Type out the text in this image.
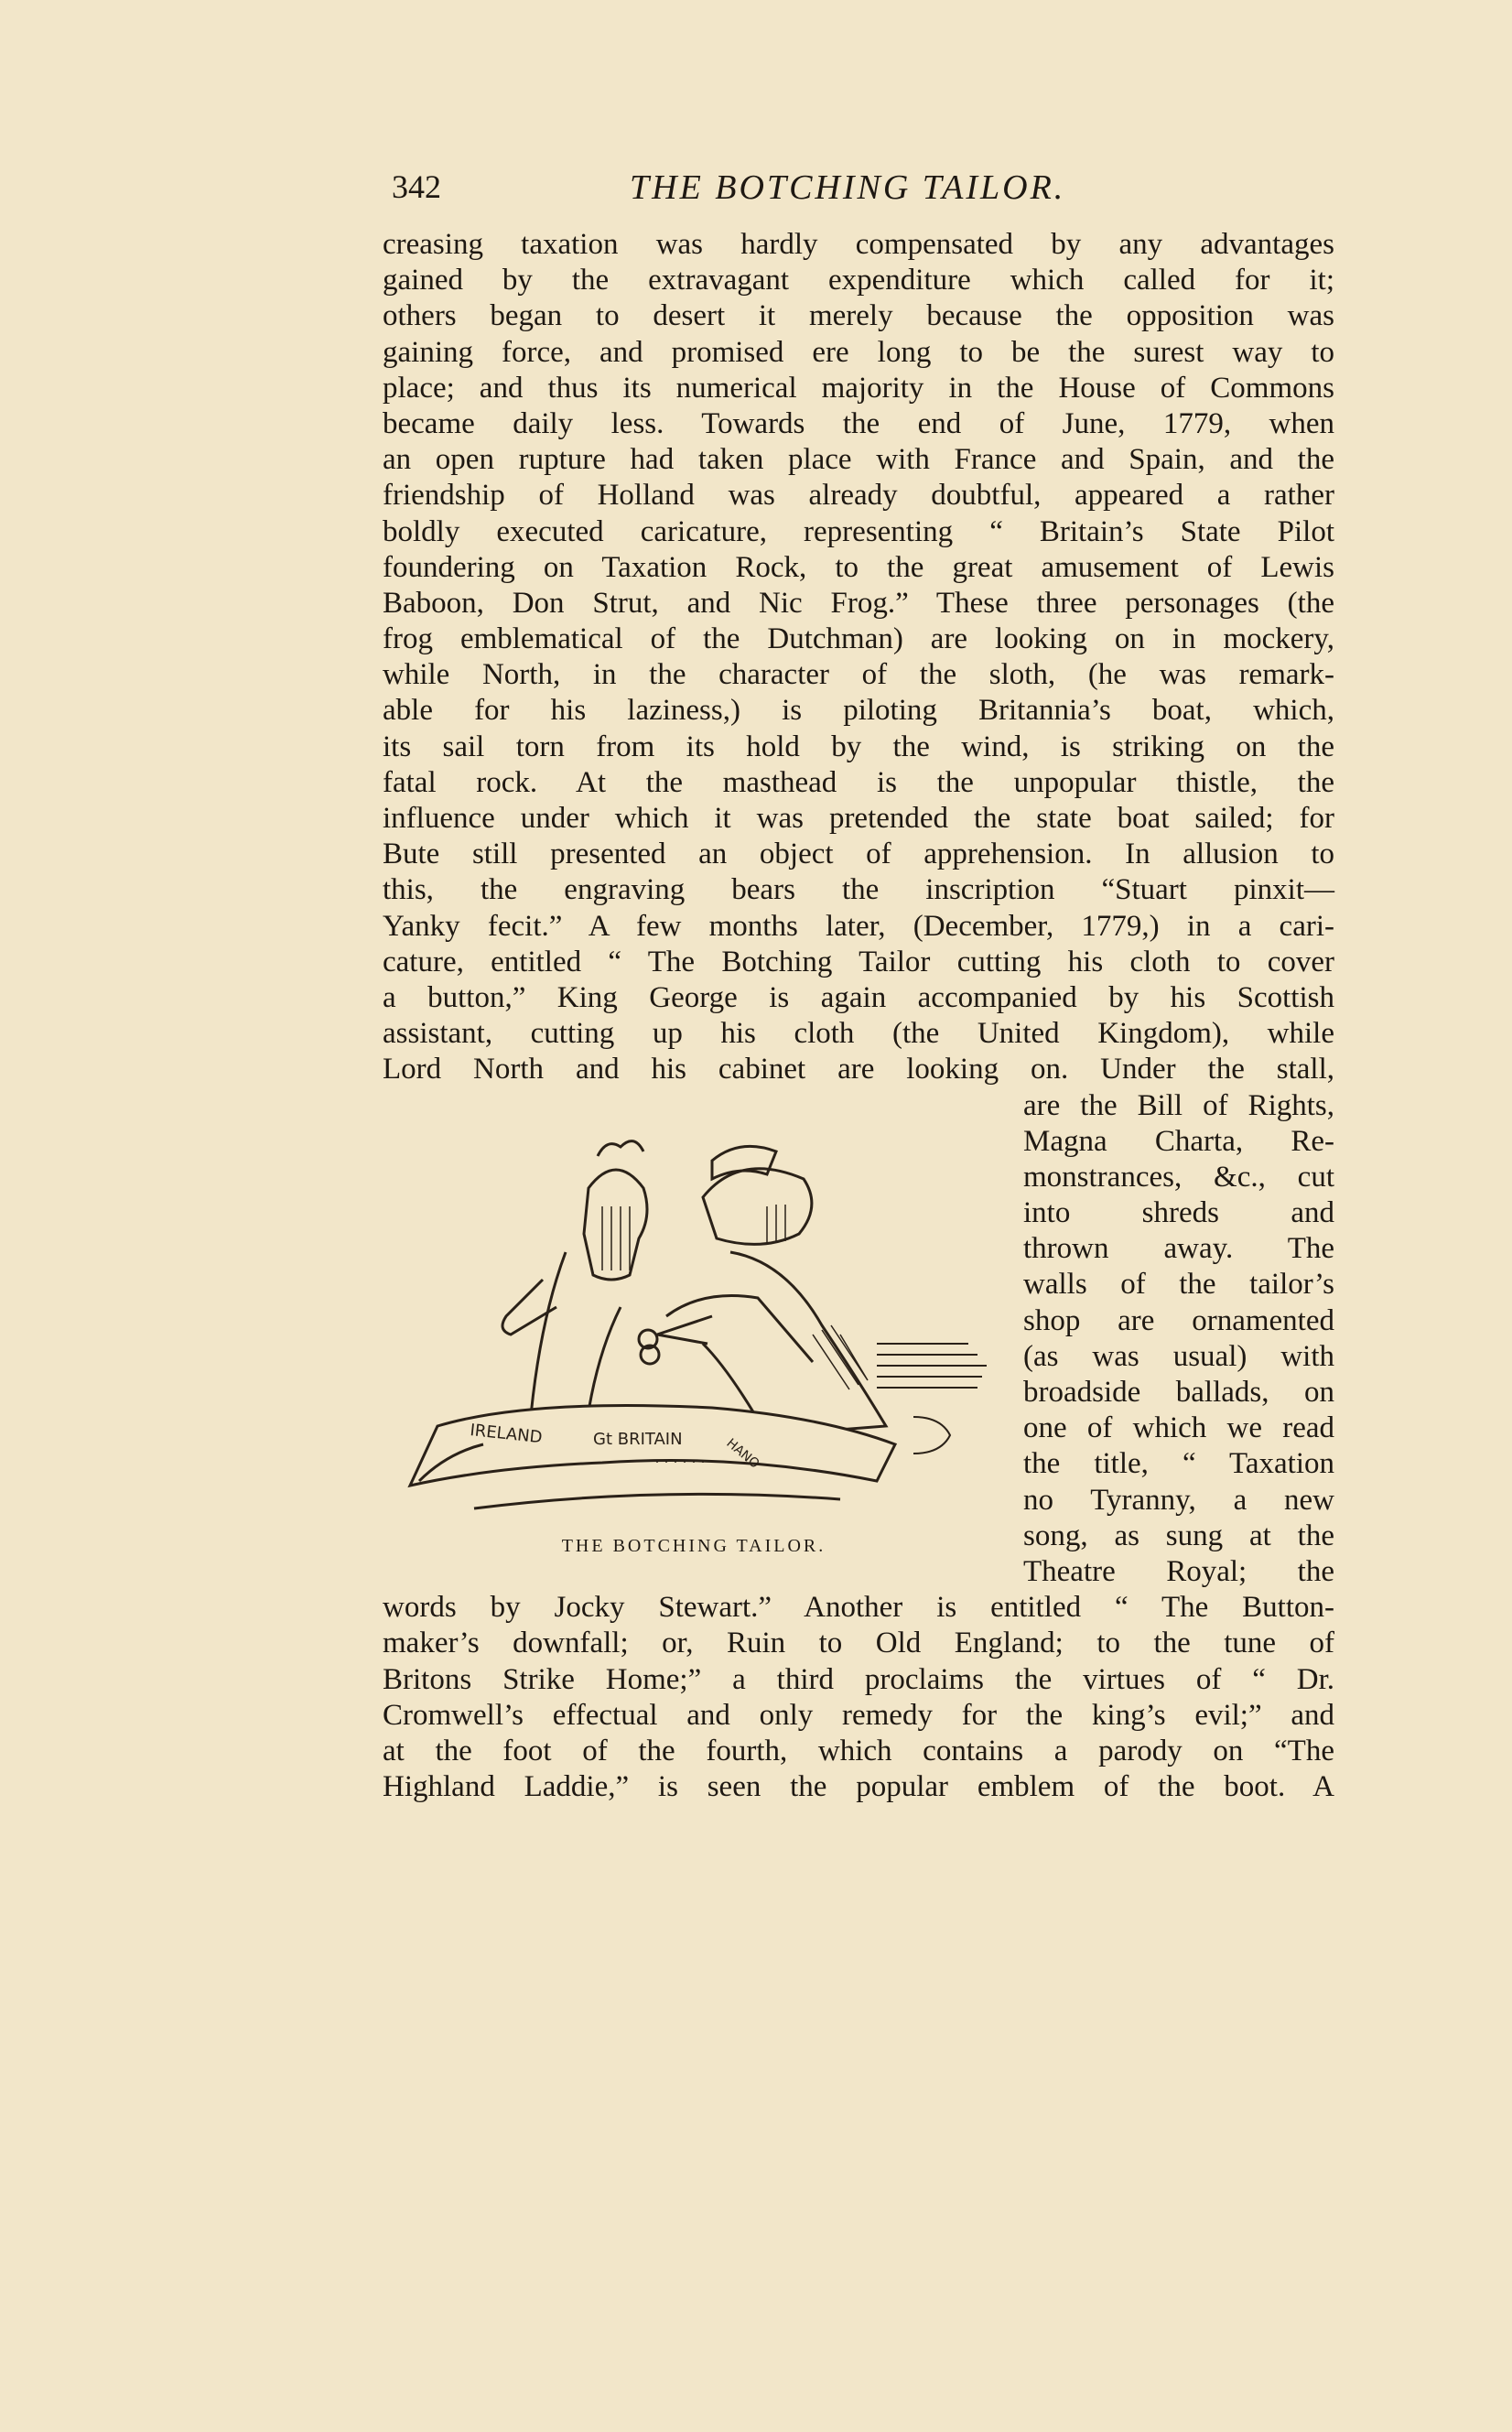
342	THE BOTCHING TAILOR.
creasing taxation was hardly compensated by any advantages
gained by the extravagant expenditure which called for it;
others began to desert it merely because the opposition was
gaining force, and promised ere long to be the surest way to
place; and thus its numerical majority in the House of Commons
became daily less. Towards the end of June, 1779, when
an open rupture had taken place with France and Spain, and the
friendship of Holland was already doubtful, appeared a rather
boldly executed caricature, representing “ Britain’s State Pilot
foundering on Taxation Rock, to the great amusement of Lewis
Baboon, Don Strut, and Nic Frog.” These three personages (the
frog emblematical of the Dutchman) are looking on in mockery,
while North, in the character of the sloth, (he was remark-
able for his laziness,) is piloting Britannia’s boat, which,
its sail torn from its hold by the wind, is striking on the
fatal rock. At the masthead is the unpopular thistle, the
influence under which it was pretended the state boat sailed; for
Bute still presented an object of apprehension. In allusion to
this, the engraving bears the inscription “Stuart pinxit—
Yanky fecit.” A few months later, (December, 1779,) in a cari-
cature, entitled “ The Botching Tailor cutting his cloth to cover
a button,” King George is again accompanied by his Scottish
assistant, cutting up his cloth (the United Kingdom), while
Lord North and his cabinet are looking on. Under the stall,
are the Bill of Rights,
Magna Charta, Re-
monstrances, &c., cut
into shreds and
thrown away. The
walls of the tailor’s
shop are ornamented
(as was usual) with
broadside ballads, on
one of which we read
the title, “ Taxation
no Tyranny, a new
song, as sung at the
Theatre Royal; the
words by Jocky Stewart.” Another is entitled “ The Button-
maker’s downfall; or, Ruin to Old England; to the tune of
Britons Strike Home;” a third proclaims the virtues of “ Dr.
Cromwell’s effectual and only remedy for the king’s evil;” and
at the foot of the fourth, which contains a parody on “The
Highland Laddie,” is seen the popular emblem of the boot. A
IRELAND	Gt BRITAIN	HANO
THE BOTCHING TAILOR.
